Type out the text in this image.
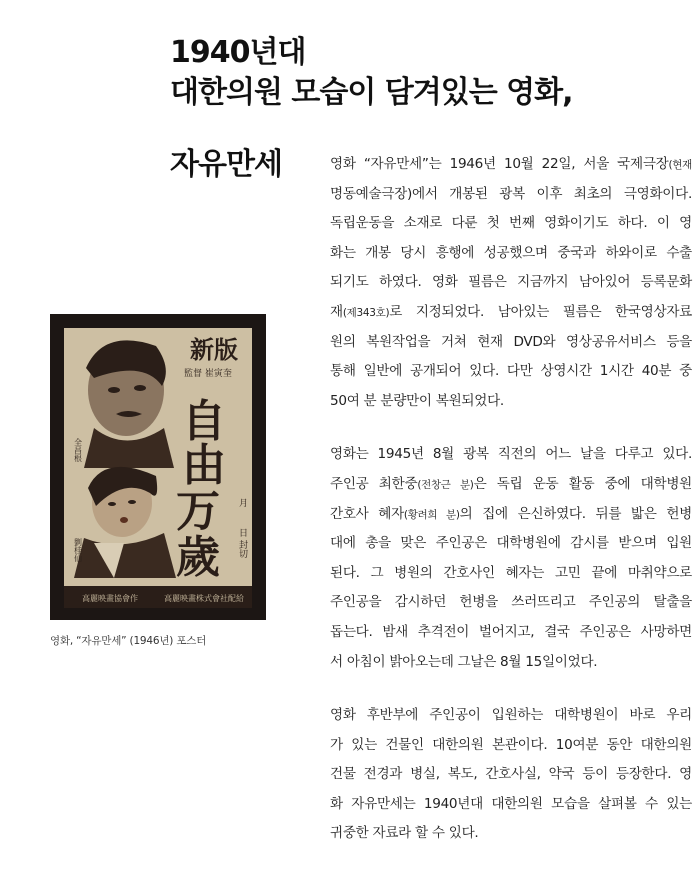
1940년대
대한의원 모습이 담겨있는 영화,
자유만세	영화 “자유만세”는 1946년 10월 22일, 서울 국제극장(현재
명동예술극장)에서 개봉된 광복 이후 최초의 극영화이다.
독립운동을 소재로 다룬 첫 번째 영화이기도 하다. 이 영
화는 개봉 당시 흥행에 성공했으며 중국과 하와이로 수출
되기도 하였다. 영화 필름은 지금까지 남아있어 등록문화
재(제343호)로 지정되었다. 남아있는 필름은 한국영상자료
원의 복원작업을 거쳐 현재 DVD와 영상공유서비스 등을
통해 일반에 공개되어 있다. 다만 상영시간 1시간 40분 중
50여 분 분량만이 복원되었다.
영화는 1945년 8월 광복 직전의 어느 날을 다루고 있다.
주인공 최한중(전창근 분)은 독립 운동 활동 중에 대학병원
간호사 혜자(황려희 분)의 집에 은신하였다. 뒤를 밟은 헌병
대에 총을 맞은 주인공은 대학병원에 감시를 받으며 입원
된다. 그 병원의 간호사인 혜자는 고민 끝에 마취약으로
주인공을 감시하던 헌병을 쓰러뜨리고 주인공의 탈출을
돕는다. 밤새 추격전이 벌어지고, 결국 주인공은 사망하면
서 아침이 밝아오는데 그날은 8월 15일이었다.
영화 후반부에 주인공이 입원하는 대학병원이 바로 우리
가 있는 건물인 대한의원 본관이다. 10여분 동안 대한의원
건물 전경과 병실, 복도, 간호사실, 약국 등이 등장한다. 영
화 자유만세는 1940년대 대한의원 모습을 살펴볼 수 있는
귀중한 자료라 할 수 있다.
自
由
万
歲
新版
監督 崔寅奎
全昌根
劉桂仙
月
日 封切
高麗映畫協會作	高麗映畫株式會社配給
영화, “자유만세” (1946년) 포스터
